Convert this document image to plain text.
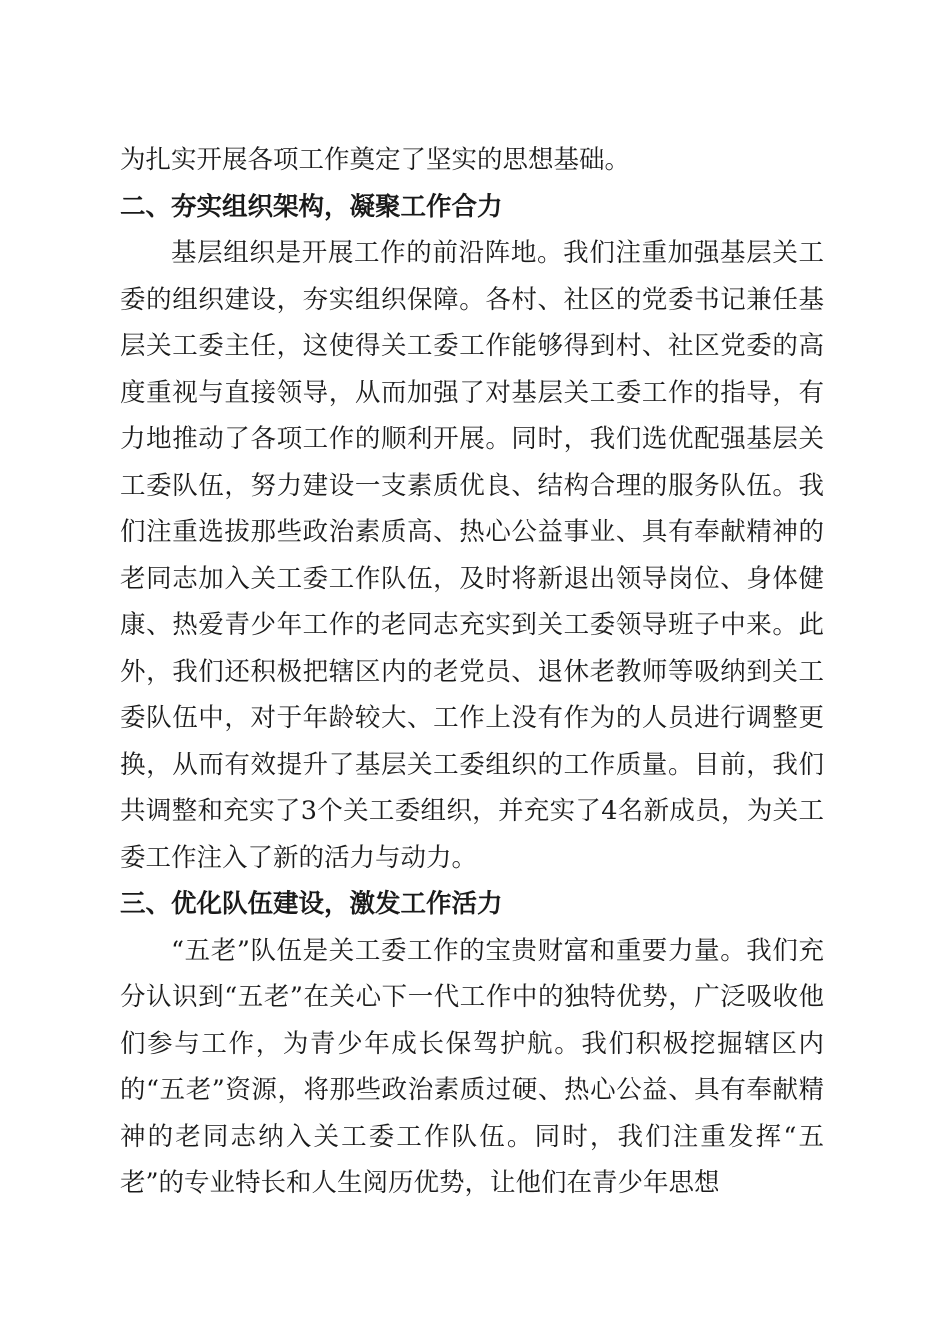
为扎实开展各项工作奠定了坚实的思想基础。

二、夯实组织架构，凝聚工作合力

基层组织是开展工作的前沿阵地。我们注重加强基层关工委的组织建设，夯实组织保障。各村、社区的党委书记兼任基层关工委主任，这使得关工委工作能够得到村、社区党委的高度重视与直接领导，从而加强了对基层关工委工作的指导，有力地推动了各项工作的顺利开展。同时，我们选优配强基层关工委队伍，努力建设一支素质优良、结构合理的服务队伍。我们注重选拔那些政治素质高、热心公益事业、具有奉献精神的老同志加入关工委工作队伍，及时将新退出领导岗位、身体健康、热爱青少年工作的老同志充实到关工委领导班子中来。此外，我们还积极把辖区内的老党员、退休老教师等吸纳到关工委队伍中，对于年龄较大、工作上没有作为的人员进行调整更换，从而有效提升了基层关工委组织的工作质量。目前，我们共调整和充实了3个关工委组织，并充实了4名新成员，为关工委工作注入了新的活力与动力。

三、优化队伍建设，激发工作活力

“五老”队伍是关工委工作的宝贵财富和重要力量。我们充分认识到“五老”在关心下一代工作中的独特优势，广泛吸收他们参与工作，为青少年成长保驾护航。我们积极挖掘辖区内的“五老”资源，将那些政治素质过硬、热心公益、具有奉献精神的老同志纳入关工委工作队伍。同时，我们注重发挥“五老”的专业特长和人生阅历优势，让他们在青少年思想
